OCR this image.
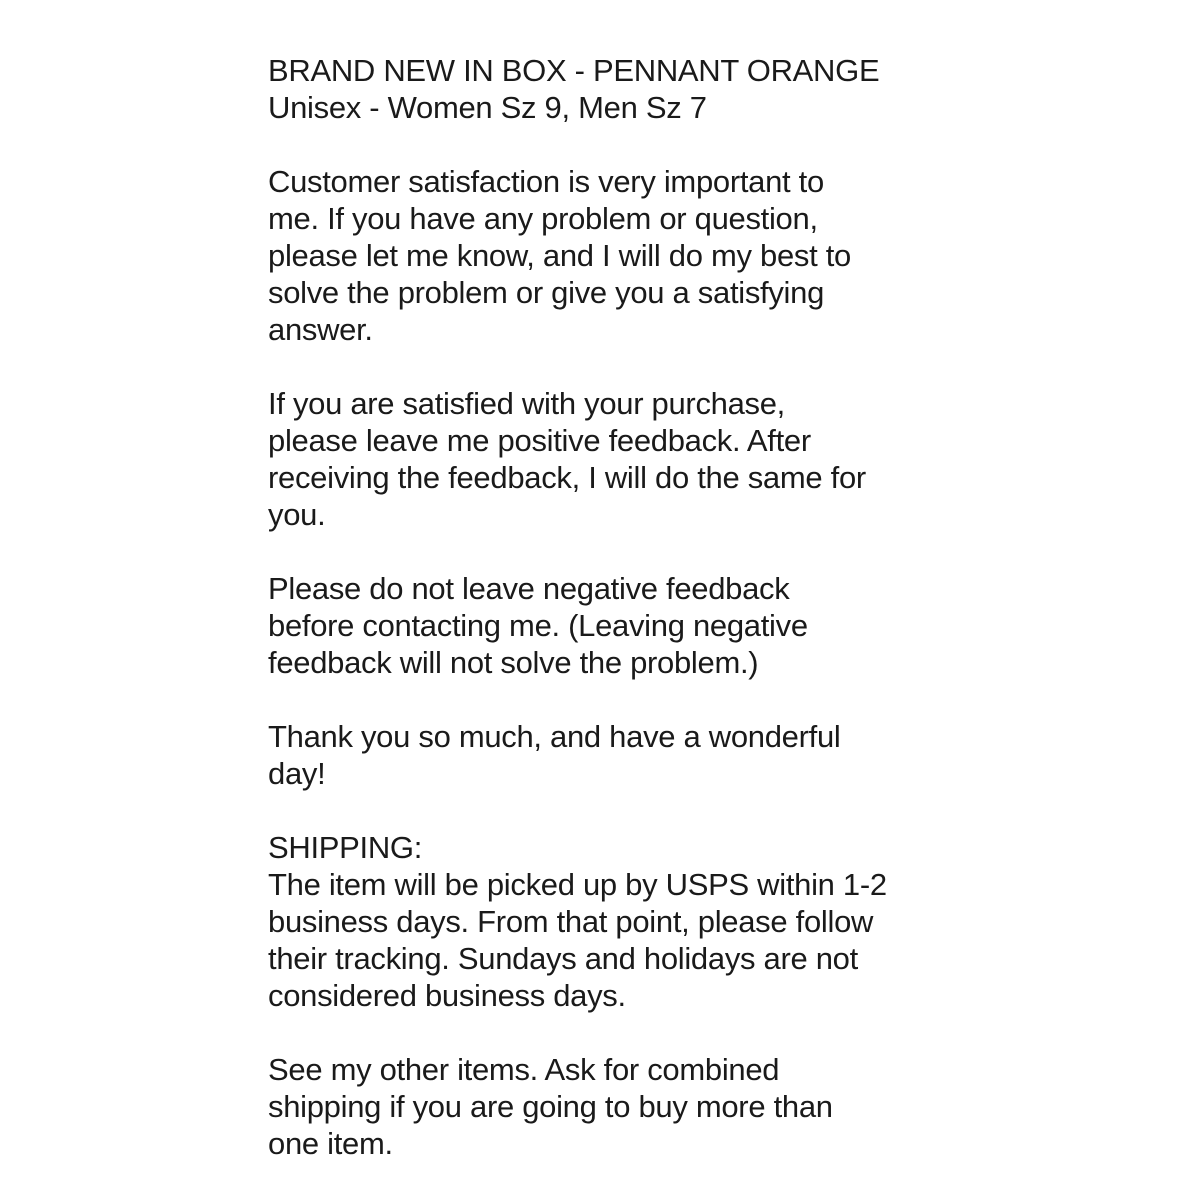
BRAND NEW IN BOX - PENNANT ORANGE
Unisex - Women Sz 9, Men Sz 7
Customer satisfaction is very important to
me. If you have any problem or question,
please let me know, and I will do my best to
solve the problem or give you a satisfying
answer.
If you are satisfied with your purchase,
please leave me positive feedback. After
receiving the feedback, I will do the same for
you.
Please do not leave negative feedback
before contacting me. (Leaving negative
feedback will not solve the problem.)
Thank you so much, and have a wonderful
day!
SHIPPING:
The item will be picked up by USPS within 1-2
business days. From that point, please follow
their tracking. Sundays and holidays are not
considered business days.
See my other items. Ask for combined
shipping if you are going to buy more than
one item.
